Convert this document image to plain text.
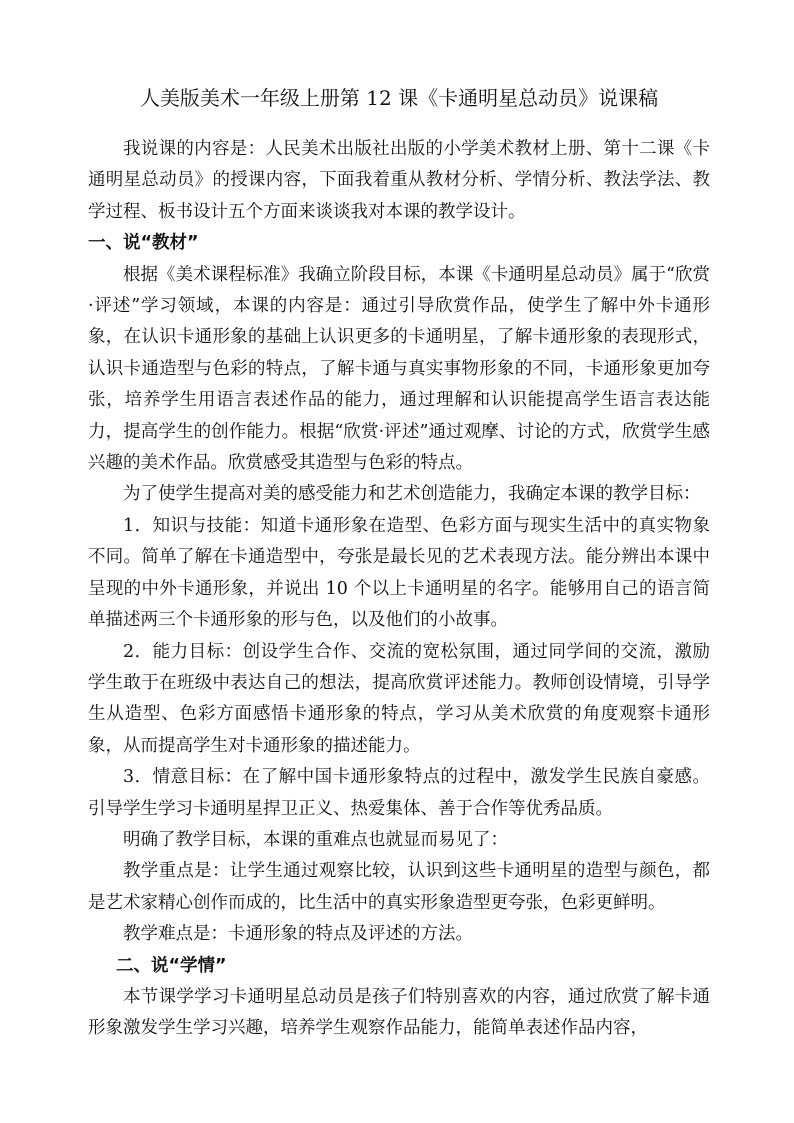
人美版美术一年级上册第 12 课《卡通明星总动员》说课稿

我说课的内容是：人民美术出版社出版的小学美术教材上册、第十二课《卡通明星总动员》的授课内容，下面我着重从教材分析、学情分析、教法学法、教学过程、板书设计五个方面来谈谈我对本课的教学设计。

一、说“教材”

根据《美术课程标准》我确立阶段目标，本课《卡通明星总动员》属于“欣赏·评述”学习领域，本课的内容是：通过引导欣赏作品，使学生了解中外卡通形象，在认识卡通形象的基础上认识更多的卡通明星，了解卡通形象的表现形式，认识卡通造型与色彩的特点，了解卡通与真实事物形象的不同，卡通形象更加夸张，培养学生用语言表述作品的能力，通过理解和认识能提高学生语言表达能力，提高学生的创作能力。根据“欣赏·评述”通过观摩、讨论的方式，欣赏学生感兴趣的美术作品。欣赏感受其造型与色彩的特点。

为了使学生提高对美的感受能力和艺术创造能力，我确定本课的教学目标：

1．知识与技能：知道卡通形象在造型、色彩方面与现实生活中的真实物象不同。简单了解在卡通造型中，夸张是最长见的艺术表现方法。能分辨出本课中呈现的中外卡通形象，并说出 10 个以上卡通明星的名字。能够用自己的语言简单描述两三个卡通形象的形与色，以及他们的小故事。

2．能力目标：创设学生合作、交流的宽松氛围，通过同学间的交流，激励学生敢于在班级中表达自己的想法，提高欣赏评述能力。教师创设情境，引导学生从造型、色彩方面感悟卡通形象的特点，学习从美术欣赏的角度观察卡通形象，从而提高学生对卡通形象的描述能力。

3．情意目标：在了解中国卡通形象特点的过程中，激发学生民族自豪感。引导学生学习卡通明星捍卫正义、热爱集体、善于合作等优秀品质。

明确了教学目标，本课的重难点也就显而易见了：

教学重点是：让学生通过观察比较，认识到这些卡通明星的造型与颜色，都是艺术家精心创作而成的，比生活中的真实形象造型更夸张，色彩更鲜明。

教学难点是：卡通形象的特点及评述的方法。

二、说“学情”

本节课学学习卡通明星总动员是孩子们特别喜欢的内容，通过欣赏了解卡通形象激发学生学习兴趣，培养学生观察作品能力，能简单表述作品内容，
